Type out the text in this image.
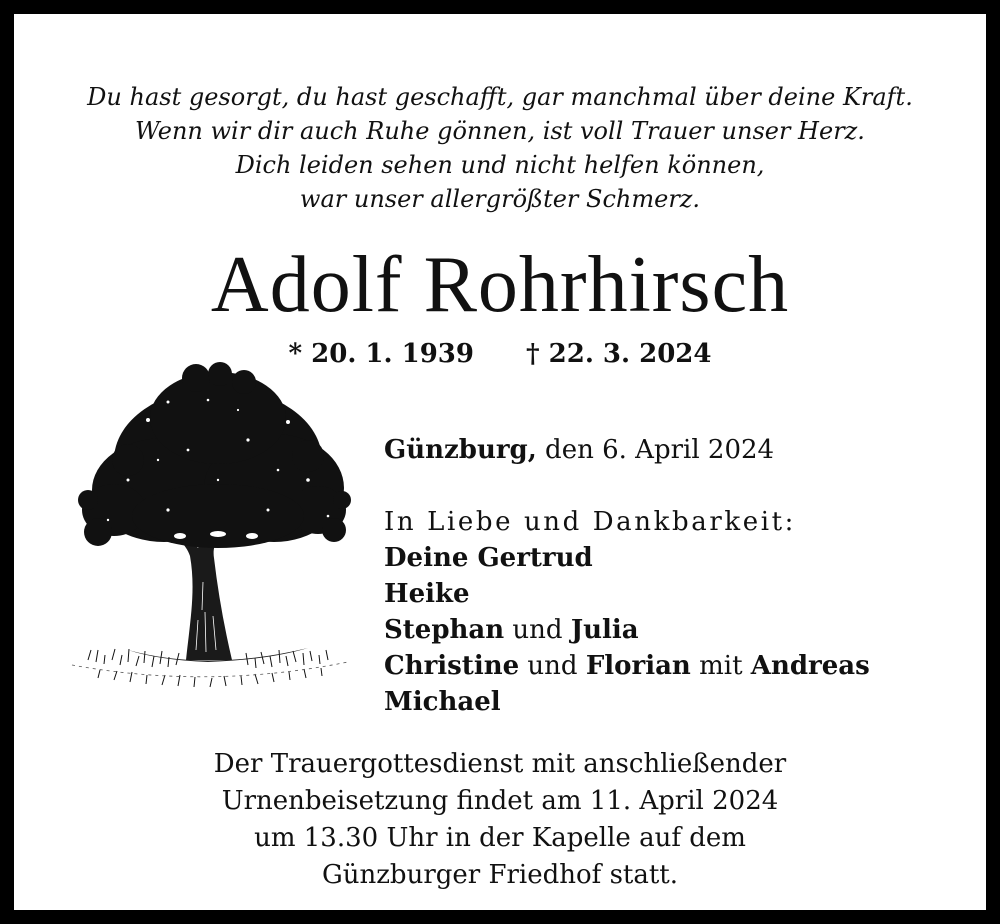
Du hast gesorgt, du hast geschafft, gar manchmal über deine Kraft.
Wenn wir dir auch Ruhe gönnen, ist voll Trauer unser Herz.
Dich leiden sehen und nicht helfen können,
war unser allergrößter Schmerz.
Adolf Rohrhirsch
* 20. 1. 1939 † 22. 3. 2024
Günzburg, den 6. April 2024
In Liebe und Dankbarkeit:
Deine Gertrud
Heike
Stephan und Julia
Christine und Florian mit Andreas
Michael
Der Trauergottesdienst mit anschließender
Urnenbeisetzung findet am 11. April 2024
um 13.30 Uhr in der Kapelle auf dem
Günzburger Friedhof statt.
